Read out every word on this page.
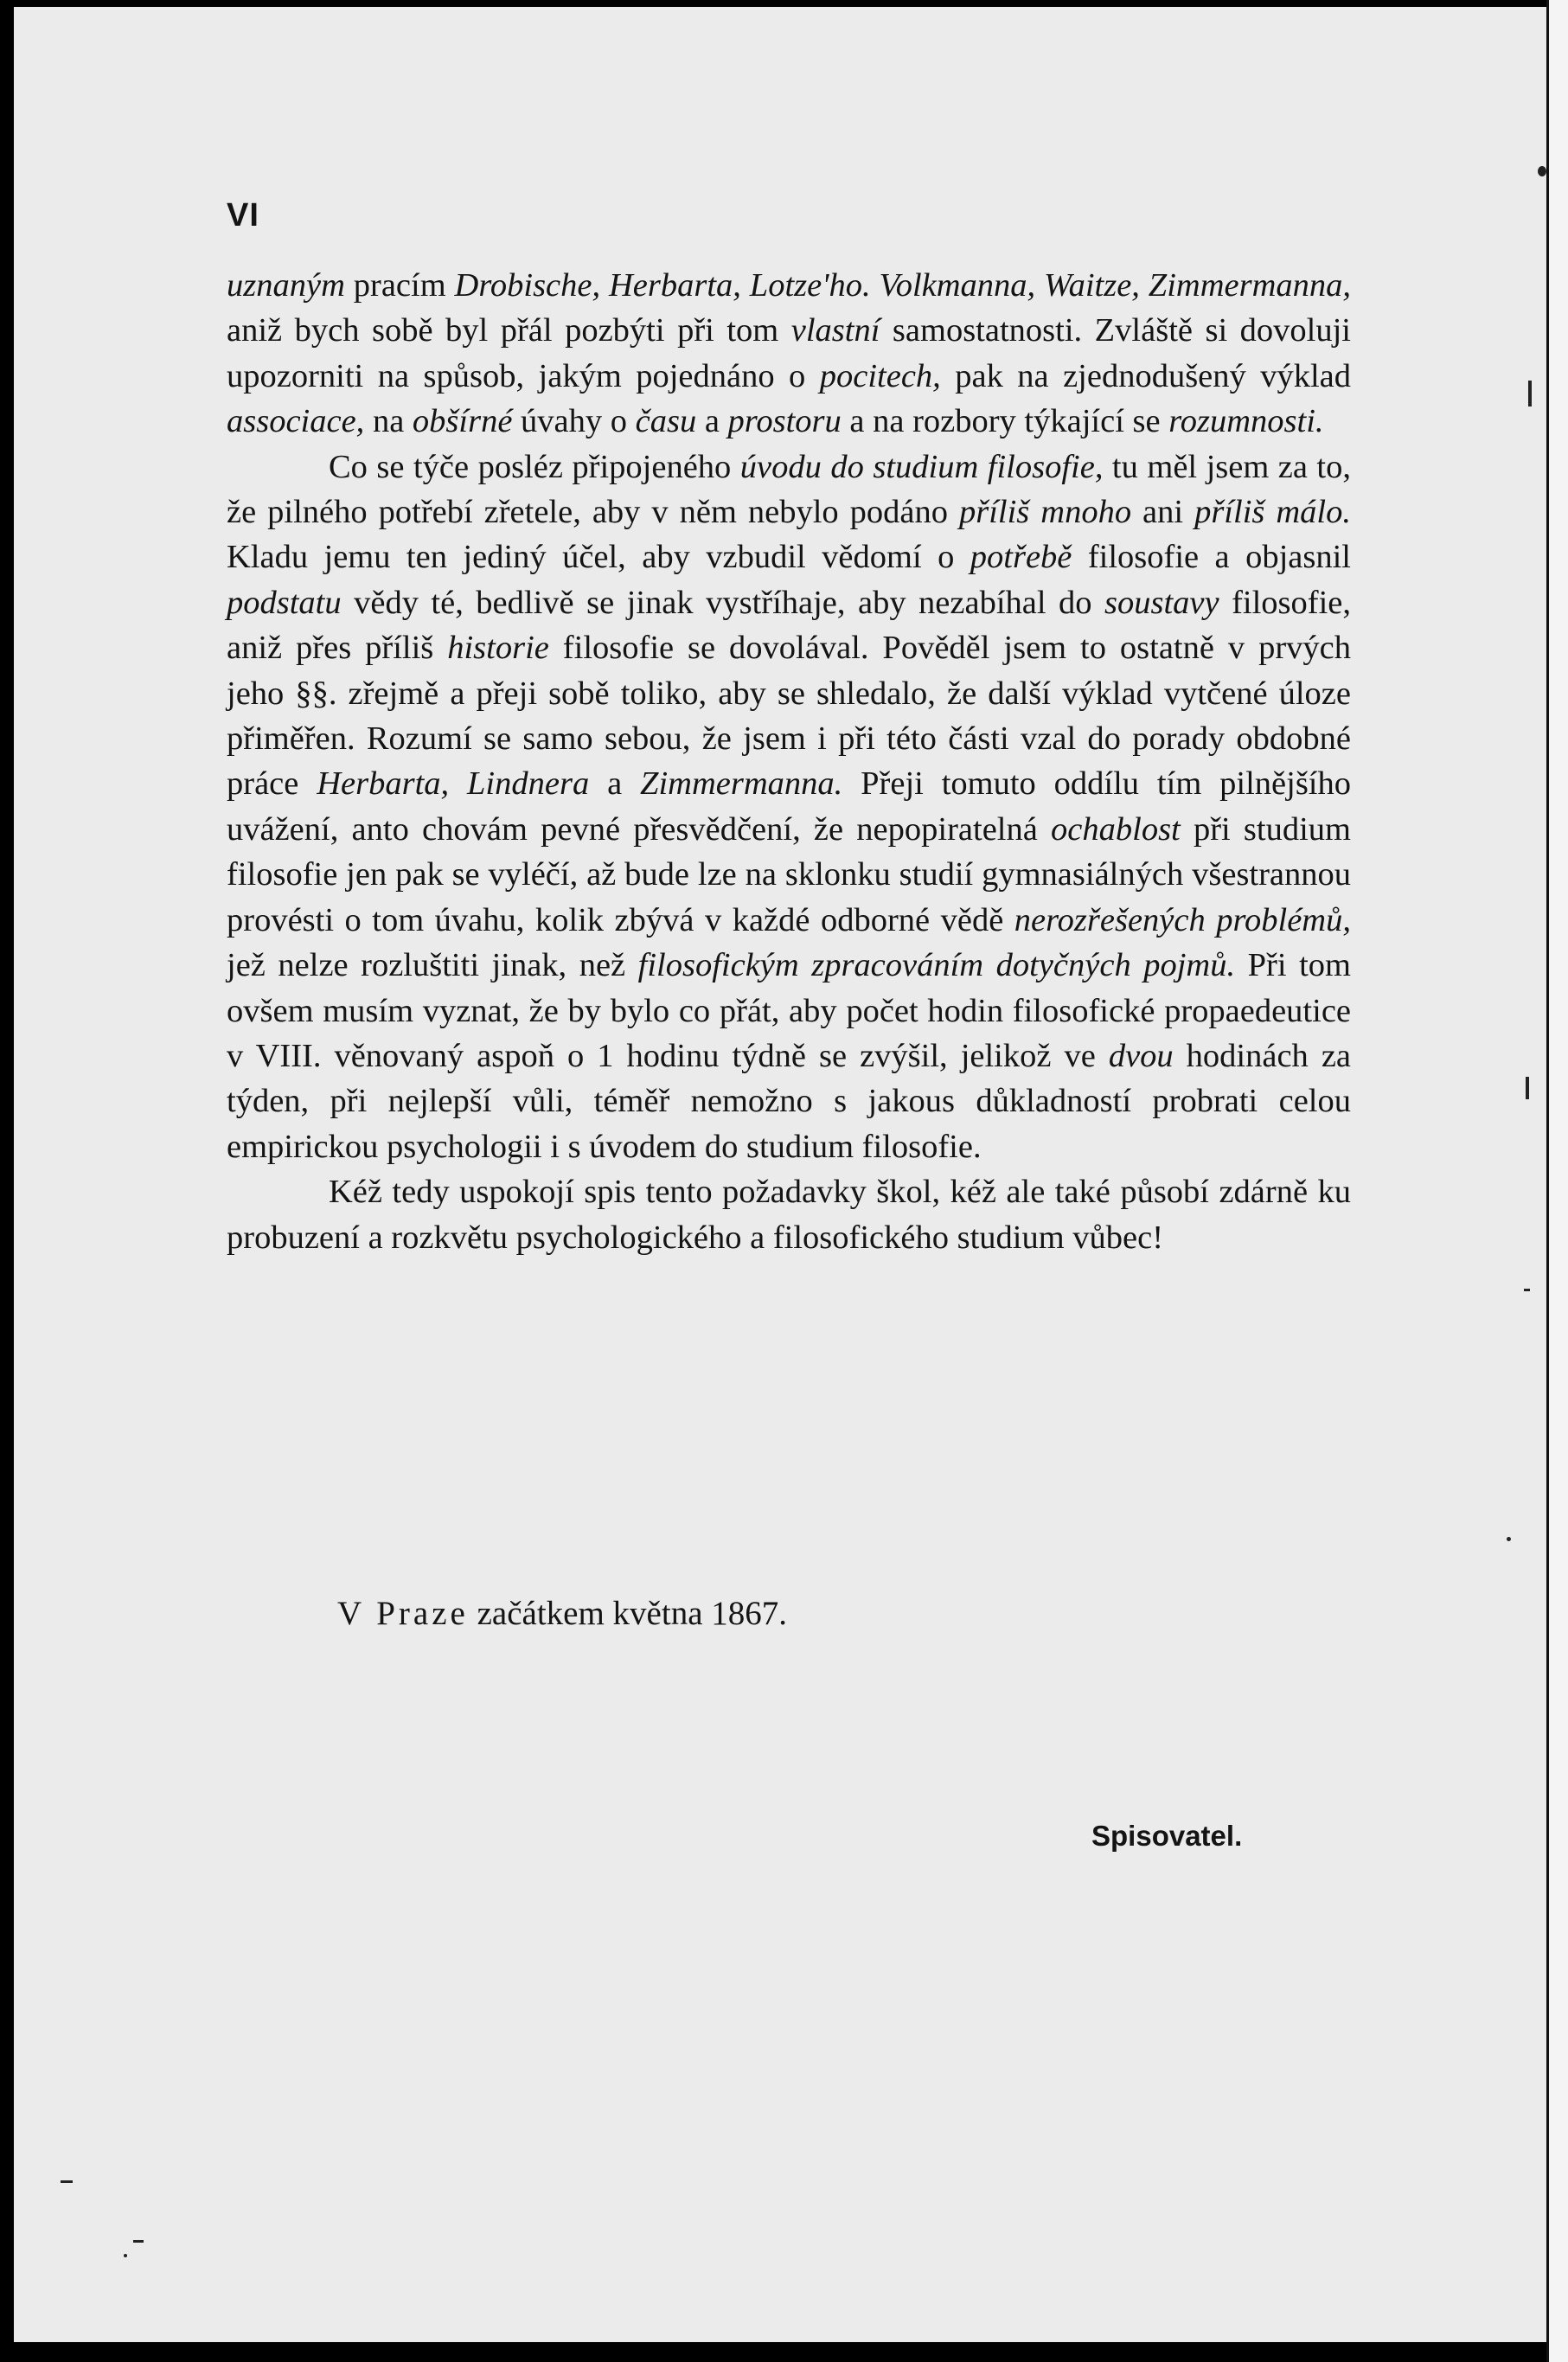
VI

uznaným pracím Drobische, Herbarta, Lotze'ho. Volkmanna, Waitze, Zimmermanna, aniž bych sobě byl přál pozbýti při tom vlastní samostatnosti. Zvláště si dovoluji upozorniti na spůsob, jakým pojednáno o pocitech, pak na zjednodušený výklad associace, na obšírné úvahy o času a prostoru a na rozbory týkající se rozumnosti.

Co se týče posléz připojeného úvodu do studium filosofie, tu měl jsem za to, že pilného potřebí zřetele, aby v něm nebylo podáno příliš mnoho ani příliš málo. Kladu jemu ten jediný účel, aby vzbudil vědomí o potřebě filosofie a objasnil podstatu vědy té, bedlivě se jinak vystříhaje, aby nezabíhal do soustavy filosofie, aniž přes příliš historie filosofie se dovolával. Pověděl jsem to ostatně v prvých jeho §§. zřejmě a přeji sobě toliko, aby se shledalo, že další výklad vytčené úloze přiměřen. Rozumí se samo sebou, že jsem i při této části vzal do porady obdobné práce Herbarta, Lindnera a Zimmermanna. Přeji tomuto oddílu tím pilnějšího uvážení, anto chovám pevné přesvědčení, že nepopiratelná ochablost při studium filosofie jen pak se vyléčí, až bude lze na sklonku studií gymnasiálných všestrannou provésti o tom úvahu, kolik zbývá v každé odborné vědě nerozřešených problémů, jež nelze rozluštiti jinak, než filosofickým zpracováním dotyčných pojmů. Při tom ovšem musím vyznat, že by bylo co přát, aby počet hodin filosofické propaedeutice v VIII. věnovaný aspoň o 1 hodinu týdně se zvýšil, jelikož ve dvou hodinách za týden, při nejlepší vůli, téměř nemožno s jakous důkladností probrati celou empirickou psychologii i s úvodem do studium filosofie.

Kéž tedy uspokojí spis tento požadavky škol, kéž ale také působí zdárně ku probuzení a rozkvětu psychologického a filosofického studium vůbec!

V Praze začátkem května 1867.
Spisovatel.
